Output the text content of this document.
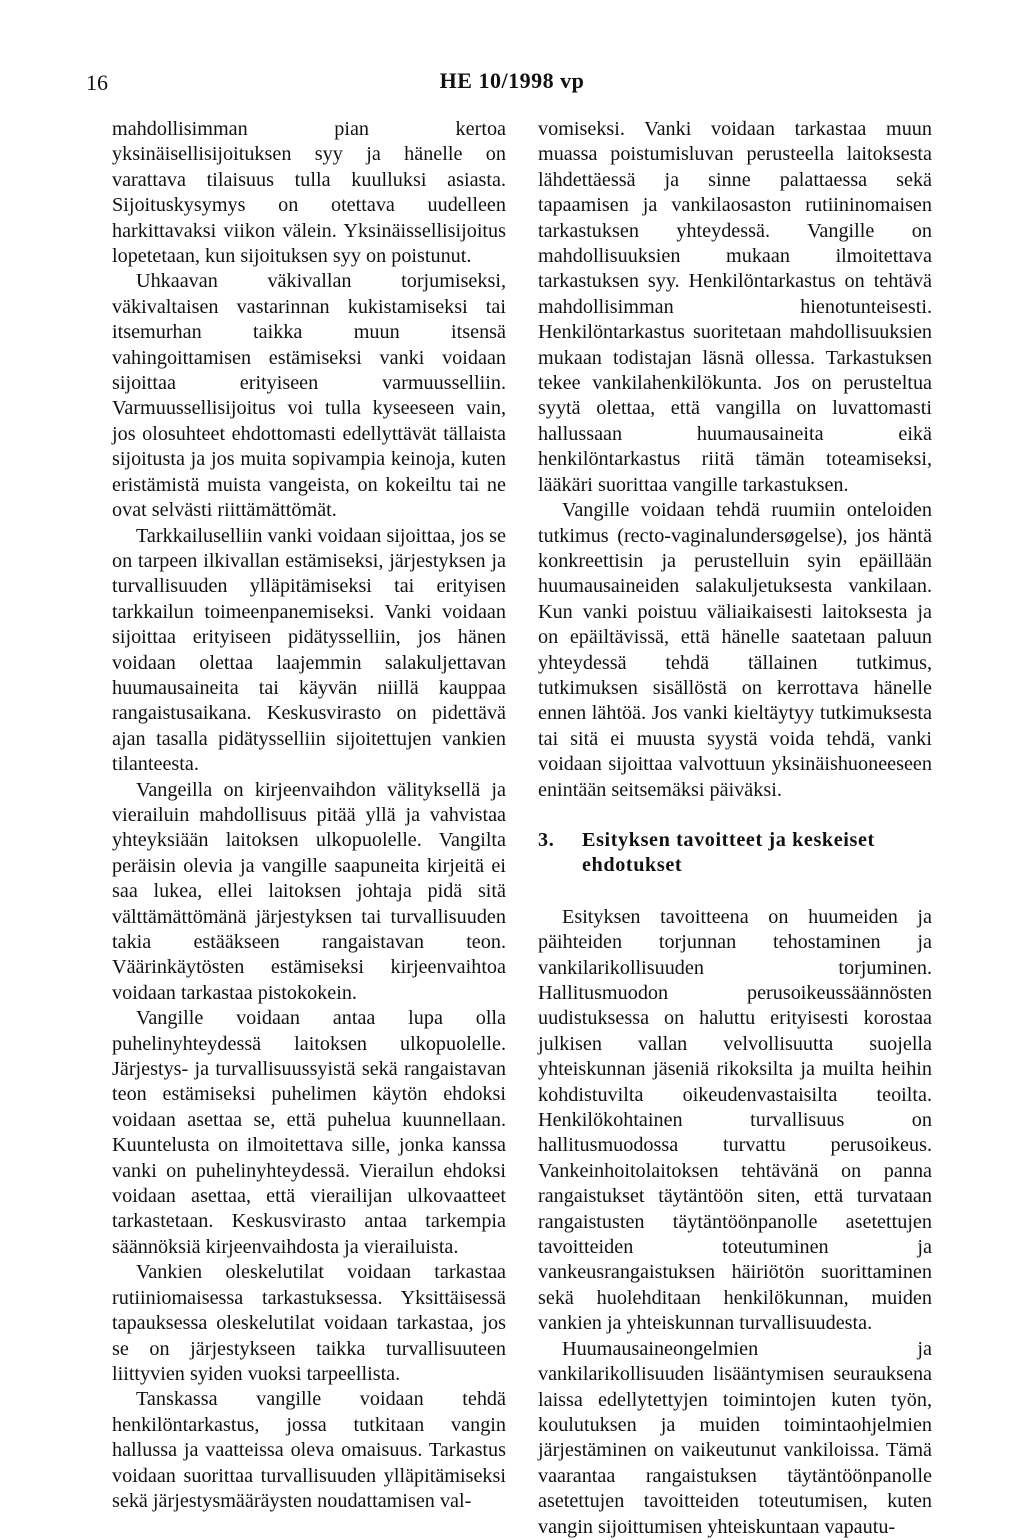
16	HE 10/1998 vp

mahdollisimman pian kertoa yksinäisellisijoituksen syy ja hänelle on varattava tilaisuus tulla kuulluksi asiasta. Sijoituskysymys on otettava uudelleen harkittavaksi viikon välein. Yksinäissellisijoitus lopetetaan, kun sijoituksen syy on poistunut.

Uhkaavan väkivallan torjumiseksi, väkivaltaisen vastarinnan kukistamiseksi tai itsemurhan taikka muun itsensä vahingoittamisen estämiseksi vanki voidaan sijoittaa erityiseen varmuusselliin. Varmuussellisijoitus voi tulla kyseeseen vain, jos olosuhteet ehdottomasti edellyttävät tällaista sijoitusta ja jos muita sopivampia keinoja, kuten eristämistä muista vangeista, on kokeiltu tai ne ovat selvästi riittämättömät.

Tarkkailuselliin vanki voidaan sijoittaa, jos se on tarpeen ilkivallan estämiseksi, järjestyksen ja turvallisuuden ylläpitämiseksi tai erityisen tarkkailun toimeenpanemiseksi. Vanki voidaan sijoittaa erityiseen pidätysselliin, jos hänen voidaan olettaa laajemmin salakuljettavan huumausaineita tai käyvän niillä kauppaa rangaistusaikana. Keskusvirasto on pidettävä ajan tasalla pidätysselliin sijoitettujen vankien tilanteesta.

Vangeilla on kirjeenvaihdon välityksellä ja vierailuin mahdollisuus pitää yllä ja vahvistaa yhteyksiään laitoksen ulkopuolelle. Vangilta peräisin olevia ja vangille saapuneita kirjeitä ei saa lukea, ellei laitoksen johtaja pidä sitä välttämättömänä järjestyksen tai turvallisuuden takia estääkseen rangaistavan teon. Väärinkäytösten estämiseksi kirjeenvaihtoa voidaan tarkastaa pistokokein.

Vangille voidaan antaa lupa olla puhelinyhteydessä laitoksen ulkopuolelle. Järjestys- ja turvallisuussyistä sekä rangaistavan teon estämiseksi puhelimen käytön ehdoksi voidaan asettaa se, että puhelua kuunnellaan. Kuuntelusta on ilmoitettava sille, jonka kanssa vanki on puhelinyhteydessä. Vierailun ehdoksi voidaan asettaa, että vierailijan ulkovaatteet tarkastetaan. Keskusvirasto antaa tarkempia säännöksiä kirjeenvaihdosta ja vierailuista.

Vankien oleskelutilat voidaan tarkastaa rutiiniomaisessa tarkastuksessa. Yksittäisessä tapauksessa oleskelutilat voidaan tarkastaa, jos se on järjestykseen taikka turvallisuuteen liittyvien syiden vuoksi tarpeellista.

Tanskassa vangille voidaan tehdä henkilöntarkastus, jossa tutkitaan vangin hallussa ja vaatteissa oleva omaisuus. Tarkastus voidaan suorittaa turvallisuuden ylläpitämiseksi sekä järjestysmääräysten noudattamisen val-

vomiseksi. Vanki voidaan tarkastaa muun muassa poistumisluvan perusteella laitoksesta lähdettäessä ja sinne palattaessa sekä tapaamisen ja vankilaosaston rutiininomaisen tarkastuksen yhteydessä. Vangille on mahdollisuuksien mukaan ilmoitettava tarkastuksen syy. Henkilöntarkastus on tehtävä mahdollisimman hienotunteisesti. Henkilöntarkastus suoritetaan mahdollisuuksien mukaan todistajan läsnä ollessa. Tarkastuksen tekee vankilahenkilökunta. Jos on perusteltua syytä olettaa, että vangilla on luvattomasti hallussaan huumausaineita eikä henkilöntarkastus riitä tämän toteamiseksi, lääkäri suorittaa vangille tarkastuksen.

Vangille voidaan tehdä ruumiin onteloiden tutkimus (recto-vaginalundersøgelse), jos häntä konkreettisin ja perustelluin syin epäillään huumausaineiden salakuljetuksesta vankilaan. Kun vanki poistuu väliaikaisesti laitoksesta ja on epäiltävissä, että hänelle saatetaan paluun yhteydessä tehdä tällainen tutkimus, tutkimuksen sisällöstä on kerrottava hänelle ennen lähtöä. Jos vanki kieltäytyy tutkimuksesta tai sitä ei muusta syystä voida tehdä, vanki voidaan sijoittaa valvottuun yksinäishuoneeseen enintään seitsemäksi päiväksi.

3.	Esityksen tavoitteet ja keskeiset ehdotukset

Esityksen tavoitteena on huumeiden ja päihteiden torjunnan tehostaminen ja vankilarikollisuuden torjuminen. Hallitusmuodon perusoikeussäännösten uudistuksessa on haluttu erityisesti korostaa julkisen vallan velvollisuutta suojella yhteiskunnan jäseniä rikoksilta ja muilta heihin kohdistuvilta oikeudenvastaisilta teoilta. Henkilökohtainen turvallisuus on hallitusmuodossa turvattu perusoikeus. Vankeinhoitolaitoksen tehtävänä on panna rangaistukset täytäntöön siten, että turvataan rangaistusten täytäntöönpanolle asetettujen tavoitteiden toteutuminen ja vankeusrangaistuksen häiriötön suorittaminen sekä huolehditaan henkilökunnan, muiden vankien ja yhteiskunnan turvallisuudesta.

Huumausaineongelmien ja vankilarikollisuuden lisääntymisen seurauksena laissa edellytettyjen toimintojen kuten työn, koulutuksen ja muiden toimintaohjelmien järjestäminen on vaikeutunut vankiloissa. Tämä vaarantaa rangaistuksen täytäntöönpanolle asetettujen tavoitteiden toteutumisen, kuten vangin sijoittumisen yhteiskuntaan vapautu-
